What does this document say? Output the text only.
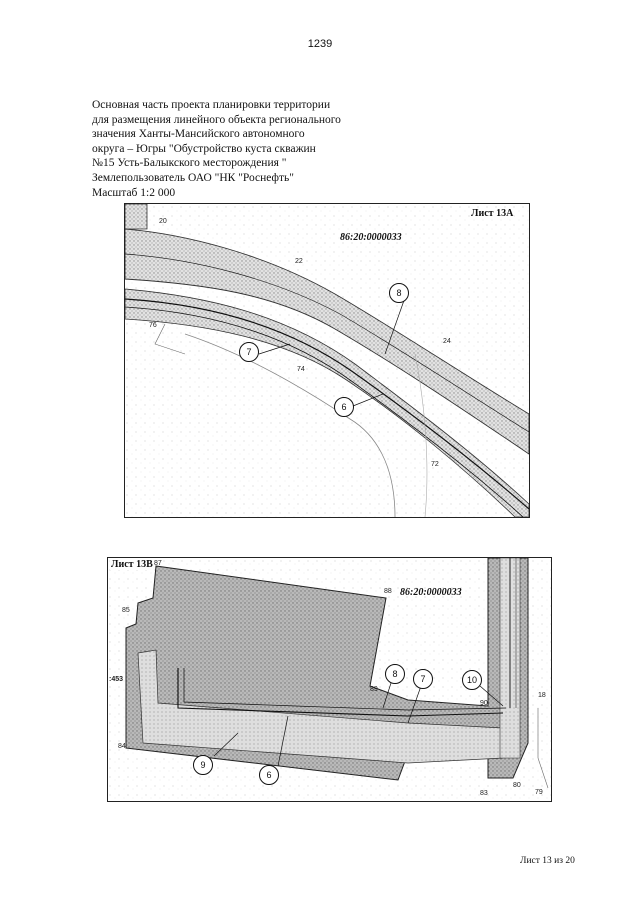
1239
Основная часть проекта планировки территории
для размещения линейного объекта регионального
значения Ханты-Мансийского автономного
округа – Югры "Обустройство куста скважин
№15 Усть-Балыкского месторождения "
Землепользователь ОАО "НК "Роснефть"
Масштаб 1:2 000
Лист 13А
86:20:0000033
20
22
24
76
74
72
8
7
6
Лист 13В
86:20:0000033
87
88
85
89
90
18
84
83
80
79
:453
8	7	10
9
6
Лист 13 из 20
